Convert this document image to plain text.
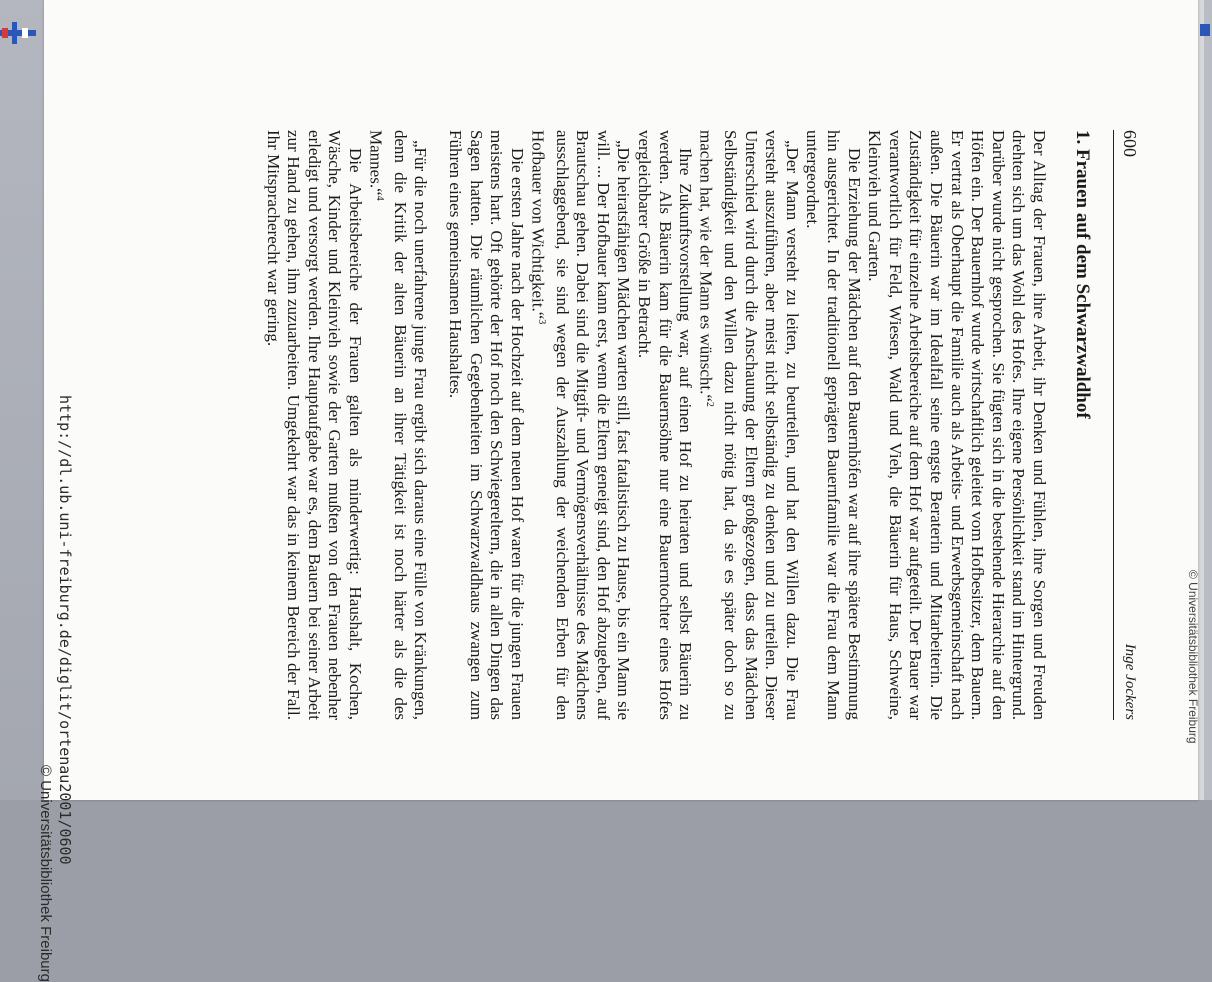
http://dl.ub.uni-freiburg.de/diglit/ortenau2001/0600
© Universitätsbibliothek Freiburg
© Universitätsbibliothek Freiburg
600
Inge Jockers
1. Frauen auf dem Schwarzwaldhof

Der Alltag der Frauen, ihre Arbeit, ihr Denken und Fühlen, ihre Sorgen und Freuden drehten sich um das Wohl des Hofes. Ihre eigene Persönlichkeit stand im Hintergrund. Darüber wurde nicht gesprochen. Sie fügten sich in die bestehende Hierarchie auf den Höfen ein. Der Bauernhof wurde wirtschaftlich geleitet vom Hofbesitzer, dem Bauern. Er vertrat als Oberhaupt die Familie auch als Arbeits- und Erwerbsgemeinschaft nach außen. Die Bäuerin war im Idealfall seine engste Beraterin und Mitarbeiterin. Die Zuständigkeit für einzelne Arbeitsbereiche auf dem Hof war aufgeteilt. Der Bauer war verantwortlich für Feld, Wiesen, Wald und Vieh, die Bäuerin für Haus, Schweine, Kleinvieh und Garten.

Die Erziehung der Mädchen auf den Bauernhöfen war auf ihre spätere Bestimmung hin ausgerichtet. In der traditionell geprägten Bauernfamilie war die Frau dem Mann untergeordnet.

„Der Mann versteht zu leiten, zu beurteilen, und hat den Willen dazu. Die Frau versteht auszuführen, aber meist nicht selbständig zu denken und zu urteilen. Dieser Unterschied wird durch die Anschauung der Eltern großgezogen, dass das Mädchen Selbständigkeit und den Willen dazu nicht nötig hat, da sie es später doch so zu machen hat, wie der Mann es wünscht.“$^2$

Ihre Zukunftsvorstellung war, auf einen Hof zu heiraten und selbst Bäuerin zu werden. Als Bäuerin kam für die Bauernsöhne nur eine Bauerntochter eines Hofes vergleichbarer Größe in Betracht.

„Die heiratsfähigen Mädchen warten still, fast fatalistisch zu Hause, bis ein Mann sie will. ... Der Hofbauer kann erst, wenn die Eltern geneigt sind, den Hof abzugeben, auf Brautschau gehen. Dabei sind die Mitgift- und Vermögensverhältnisse des Mädchens ausschlaggebend, sie sind wegen der Auszahlung der weichenden Erben für den Hofbauer von Wichtigkeit.“$^3$

Die ersten Jahre nach der Hochzeit auf dem neuen Hof waren für die jungen Frauen meistens hart. Oft gehörte der Hof noch den Schwiegereltern, die in allen Dingen das Sagen hatten. Die räumlichen Gegebenheiten im Schwarzwaldhaus zwangen zum Führen eines gemeinsamen Haushaltes.

„Für die noch unerfahrene junge Frau ergibt sich daraus eine Fülle von Kränkungen, denn die Kritik der alten Bäuerin an ihrer Tätigkeit ist noch härter als die des Mannes.“$^4$

Die Arbeitsbereiche der Frauen galten als minderwertig: Haushalt, Kochen, Wäsche, Kinder und Kleinvieh sowie der Garten mußten von den Frauen nebenher erledigt und versorgt werden. Ihre Hauptaufgabe war es, dem Bauern bei seiner Arbeit zur Hand zu gehen, ihm zuzuarbeiten. Umgekehrt war das in keinem Bereich der Fall. Ihr Mitspracherecht war gering.
